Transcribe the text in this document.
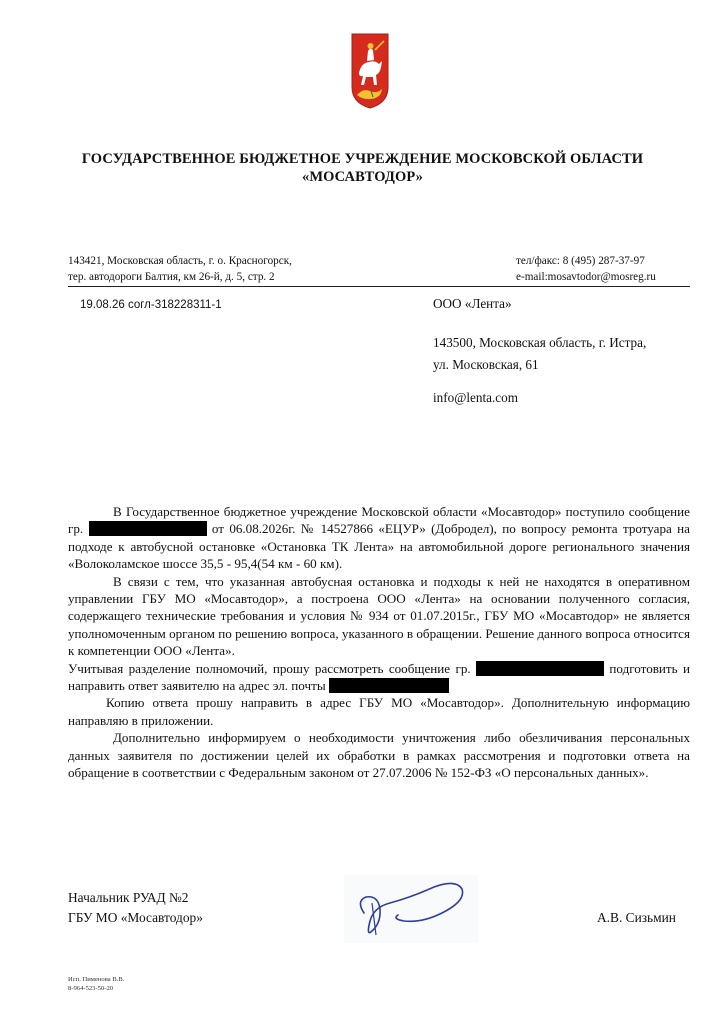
ГОСУДАРСТВЕННОЕ БЮДЖЕТНОЕ УЧРЕЖДЕНИЕ МОСКОВСКОЙ ОБЛАСТИ
«МОСАВТОДОР»
143421, Московская область, г. о. Красногорск,
тер. автодороги Балтия, км 26-й, д. 5, стр. 2
тел/факс: 8 (495) 287-37-97
e-mail:mosavtodor@mosreg.ru
19.08.26 согл-318228311-1	ООО «Лента»
143500, Московская область, г. Истра,
ул. Московская, 61
info@lenta.com

В Государственное бюджетное учреждение Московской области «Мосавтодор» поступило сообщение гр.	от 06.08.2026г. № 14527866 «ЕЦУР» (Добродел), по вопросу ремонта тротуара на подходе к автобусной остановке «Остановка ТК Лента» на автомобильной дороге регионального значения «Волоколамское шоссе 35,5 - 95,4(54 км - 60 км).

В связи с тем, что указанная автобусная остановка и подходы к ней не находятся в оперативном управлении ГБУ МО «Мосавтодор», а построена ООО «Лента» на основании полученного согласия, содержащего технические требования и условия № 934 от 01.07.2015г., ГБУ МО «Мосавтодор» не является уполномоченным органом по решению вопроса, указанного в обращении. Решение данного вопроса относится к компетенции ООО «Лента».

Учитывая разделение полномочий, прошу рассмотреть сообщение гр.	подготовить и направить ответ заявителю на адрес эл. почты

Копию ответа прошу направить в адрес ГБУ МО «Мосавтодор». Дополнительную информацию направляю в приложении.

Дополнительно информируем о необходимости уничтожения либо обезличивания персональных данных заявителя по достижении целей их обработки в рамках рассмотрения и подготовки ответа на обращение в соответствии с Федеральным законом от 27.07.2006 № 152-ФЗ «О персональных данных».

Начальник РУАД №2
ГБУ МО «Мосавтодор»	А.В. Сизьмин
Исп. Пименова В.В.
8-964-523-50-20
